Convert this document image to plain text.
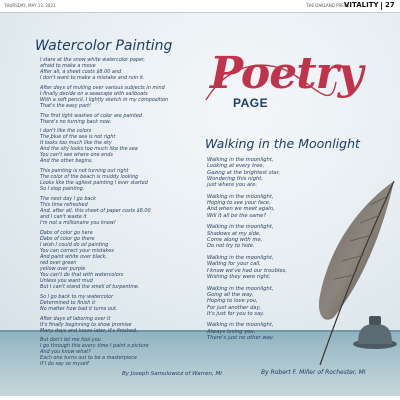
THURSDAY, MAY 13, 2021	THE OAKLAND PRESS
VITALITY 27
Watercolor Painting
I stare at the snow white watercolor paper,
afraid to make a move
After all, a sheet costs $8.00 and
I don't want to make a mistake and ruin it.
After days of mulling over various subjects in mind
I finally decide on a seascape with sailboats
With a soft pencil, I lightly sketch in my composition
That's the easy part!
The first light washes of color are painted
There's no turning back now.
I don't like the colors
The blue of the sea is not right
It looks too much like the sky
And the sky looks too much like the sea
You can't see where one ends
And the other begins.
This painting is not turning out right
The color of the beach is muddy looking
Looks like the ugliest painting I ever started
So I stop painting.
The next day I go back
This time refreshed
And, after all, this sheet of paper costs $8.00
and I can't waste it
I'm not a millionaire you know!
Dabs of color go here
Dabs of color go there
I wish I could do oil painting
You can correct your mistakes
And paint white over black,
red over green
yellow over purple
You can't do that with watercolors
Unless you want mud
But I can't stand the smell of turpentine.
So I go back to my watercolor
Determined to finish it
No matter how bad it turns out.
After days of laboring over it
It's finally beginning to show promise
Many days and hours later, it's finished.
But don't let me fool you
I go through this every time I paint a picture
And you know what?
Each one turns out to be a masterpiece
If I do say so myself
Poetry
PAGE
Walking in the Moonlight
Walking in the moonlight,
Looking at every tree,
Gazing at the brightest star,
Wondering this night,
just where you are.
Walking in the moonlight,
Hoping to see your face,
And when we meet again,
Will it all be the same?
Walking in the moonlight,
Shadows at my side,
Come along with me,
Do not try to hide.
Walking in the moonlight,
Waiting for your call,
I know we've had our troubles,
Wishing they were right.
Walking in the moonlight,
Going all the way,
Hoping to love you,
For just another day,
It's just for you to say.
Walking in the moonlight,
Always loving you,
There's just no other way.
By Joseph Samulowicz of Warren, MI	By Robert F. Miller of Rochester, MI
